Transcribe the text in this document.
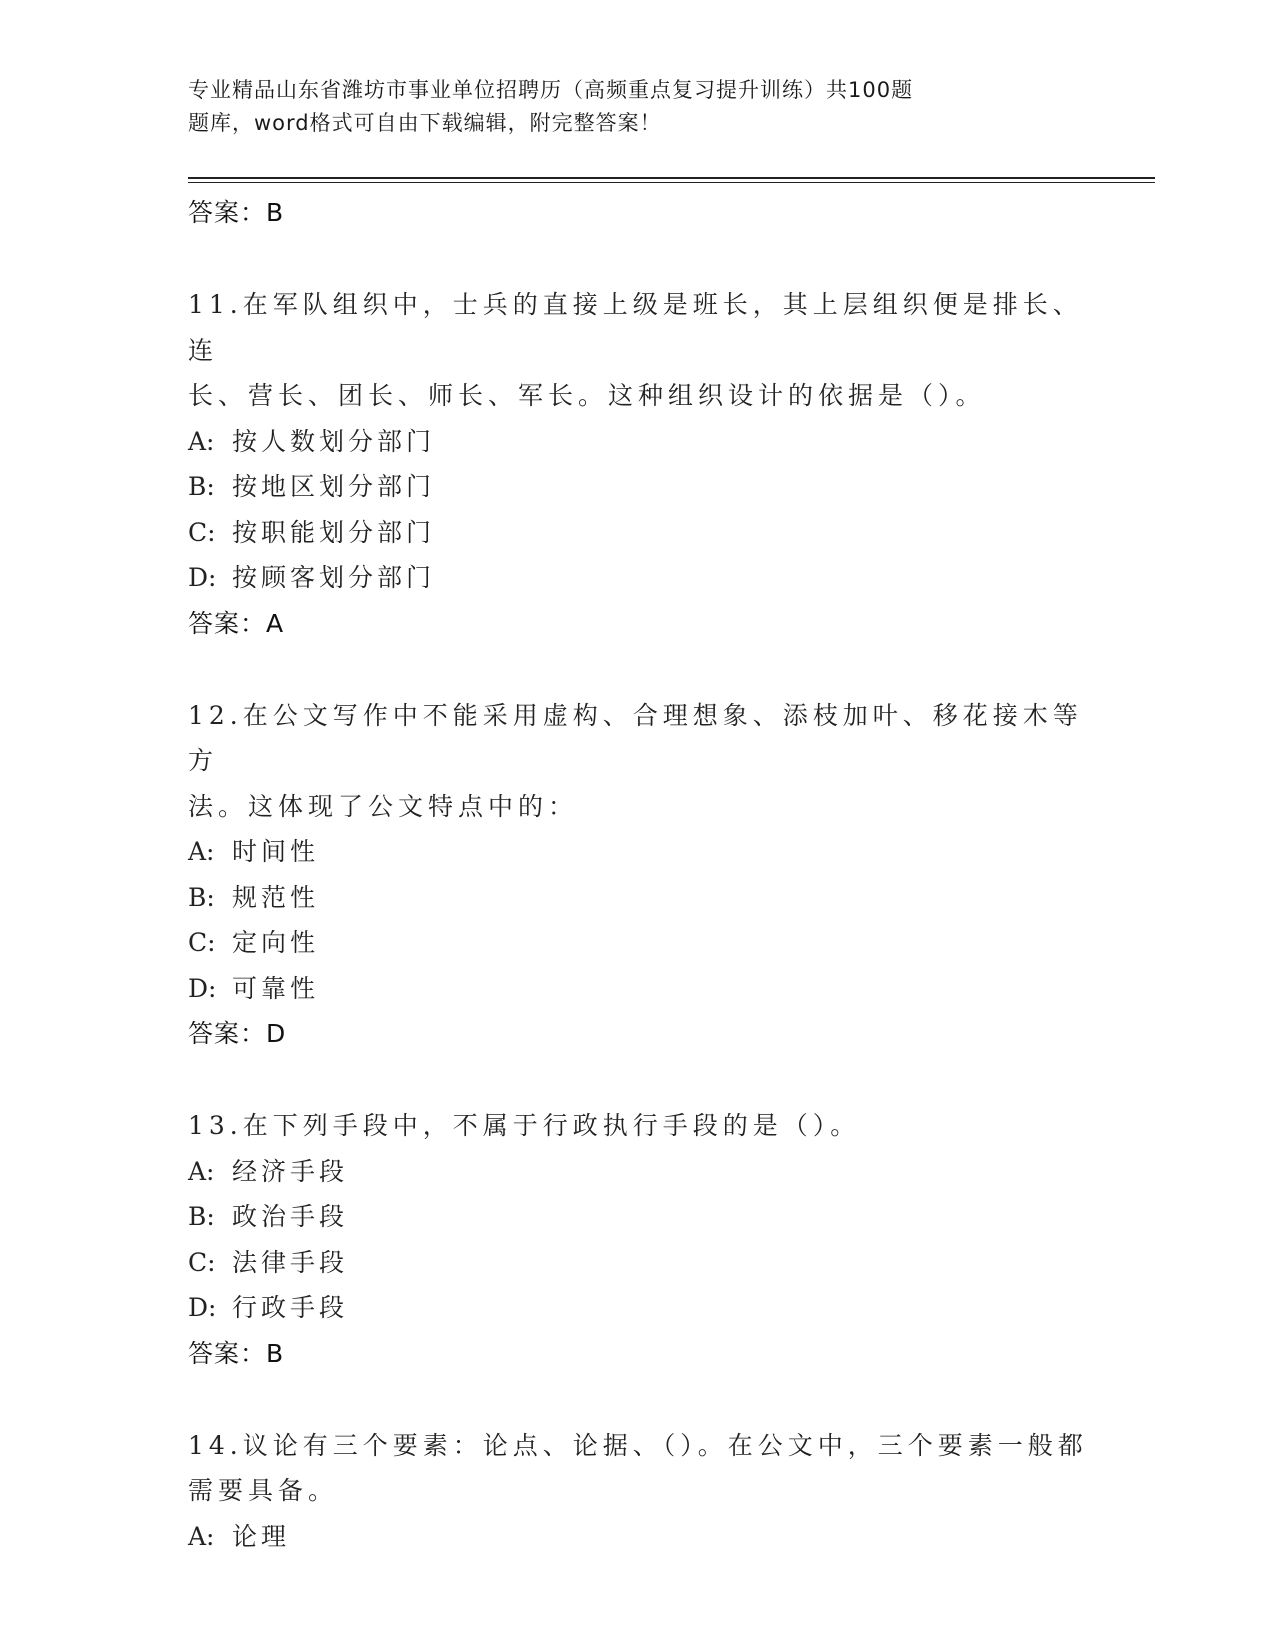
专业精品山东省潍坊市事业单位招聘历（高频重点复习提升训练）共100题
题库，word格式可自由下载编辑，附完整答案！
答案：B
11.在军队组织中，士兵的直接上级是班长，其上层组织便是排长、连
长、营长、团长、师长、军长。这种组织设计的依据是（）。
A: 按人数划分部门
B: 按地区划分部门
C: 按职能划分部门
D: 按顾客划分部门
答案：A
12.在公文写作中不能采用虚构、合理想象、添枝加叶、移花接木等方
法。这体现了公文特点中的：
A: 时间性
B: 规范性
C: 定向性
D: 可靠性
答案：D
13.在下列手段中，不属于行政执行手段的是（）。
A: 经济手段
B: 政治手段
C: 法律手段
D: 行政手段
答案：B
14.议论有三个要素：论点、论据、（）。在公文中，三个要素一般都
需要具备。
A: 论理
